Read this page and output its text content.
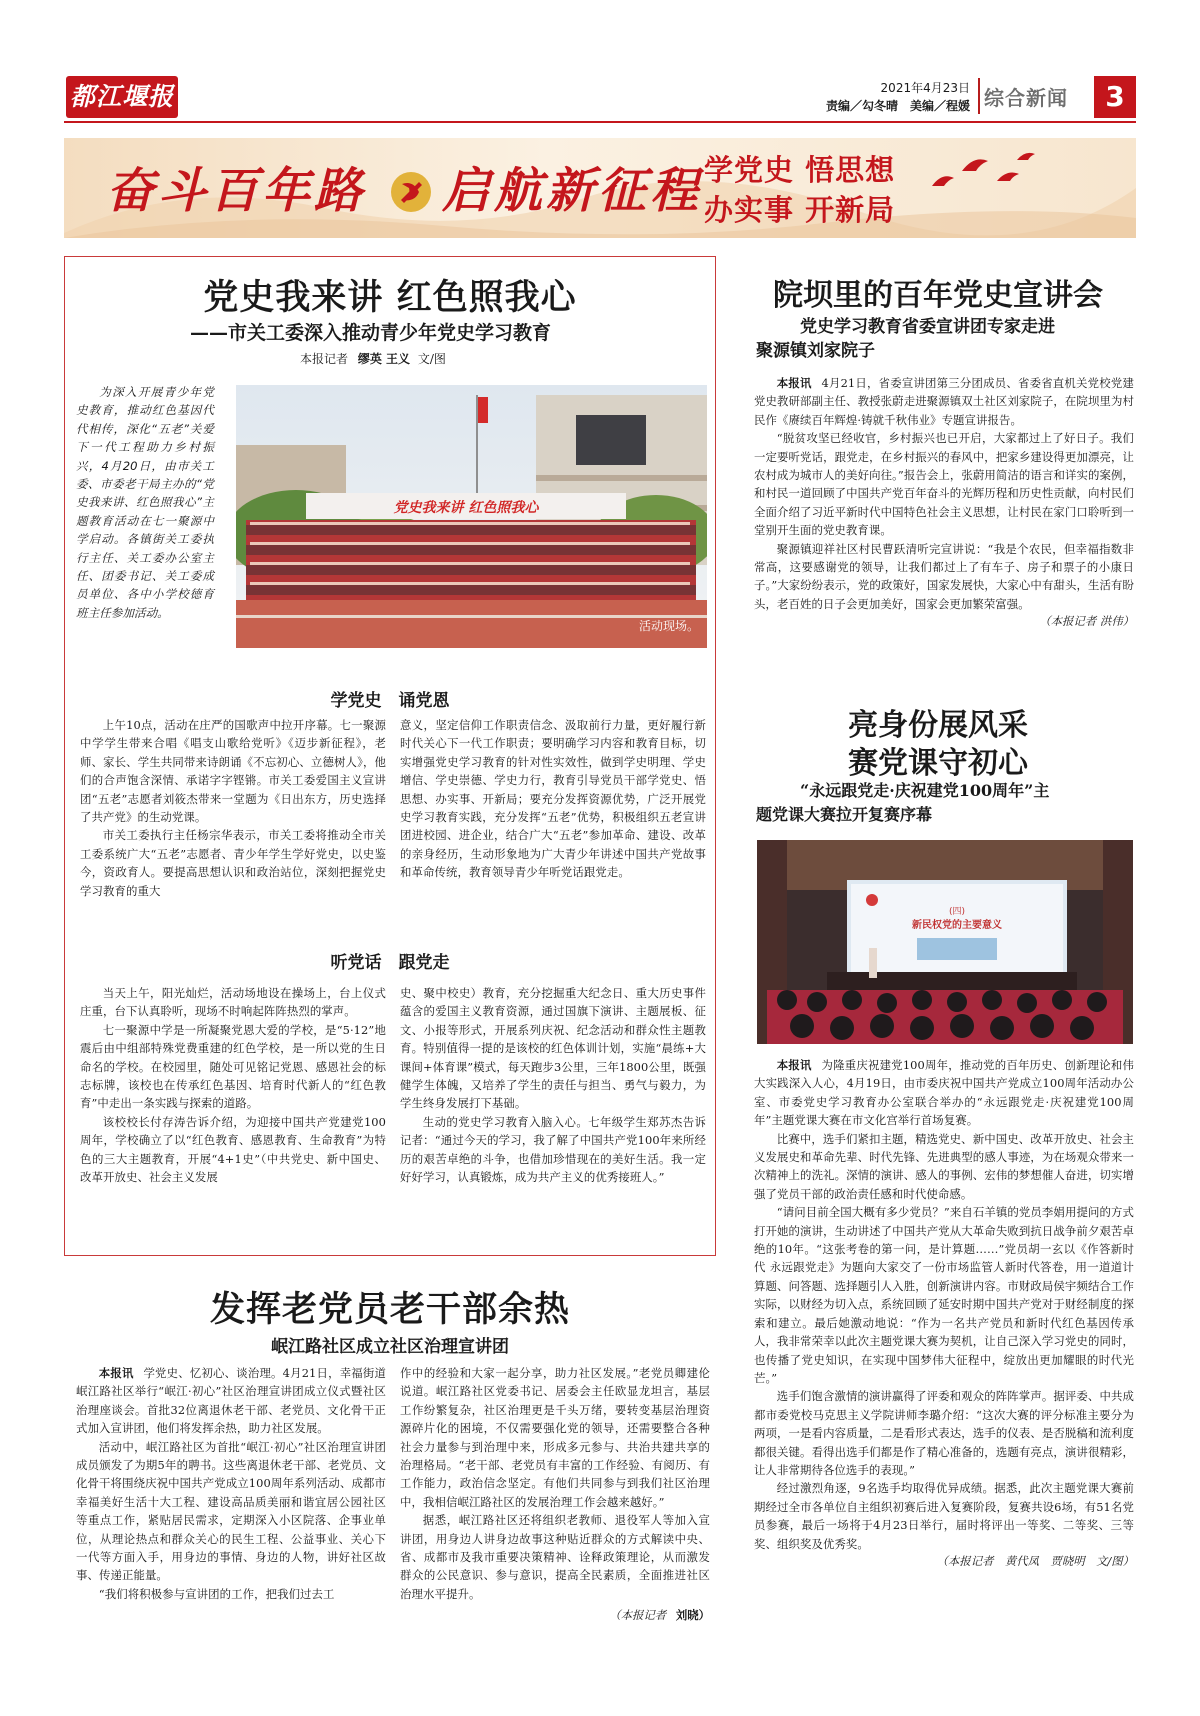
都江堰报	2021年4月23日
责编／勾冬晴　美编／程媛 综合新闻	3
奋斗百年路 启航新征程 学党史 悟思想
办实事 开新局
党史我来讲 红色照我心
——市关工委深入推动青少年党史学习教育
本报记者 缪英 王义 文/图
为深入开展青少年党史教育，推动红色基因代代相传，深化“五老”关爱下一代工程助力乡村振兴，4月20日，由市关工委、市委老干局主办的“党史我来讲、红色照我心”主题教育活动在七一聚源中学启动。各镇街关工委执行主任、关工委办公室主任、团委书记、关工委成员单位、各中小学校德育班主任参加活动。
党史我来讲 红色照我心
活动现场。
学党史　诵党恩

上午10点，活动在庄严的国歌声中拉开序幕。七一聚源中学学生带来合唱《唱支山歌给党听》《迈步新征程》，老师、家长、学生共同带来诗朗诵《不忘初心、立德树人》，他们的合声饱含深情、承诺字字铿锵。市关工委爱国主义宣讲团“五老”志愿者刘筱杰带来一堂题为《日出东方，历史选择了共产党》的生动党课。

市关工委执行主任杨宗华表示，市关工委将推动全市关工委系统广大“五老”志愿者、青少年学生学好党史，以史鉴今，资政育人。要提高思想认识和政治站位，深刻把握党史学习教育的重大

意义，坚定信仰工作职责信念、汲取前行力量，更好履行新时代关心下一代工作职责；要明确学习内容和教育目标，切实增强党史学习教育的针对性实效性，做到学史明理、学史增信、学史崇德、学史力行，教育引导党员干部学党史、悟思想、办实事、开新局；要充分发挥资源优势，广泛开展党史学习教育实践，充分发挥“五老”优势，积极组织五老宣讲团进校园、进企业，结合广大“五老”参加革命、建设、改革的亲身经历，生动形象地为广大青少年讲述中国共产党故事和革命传统，教育领导青少年听党话跟党走。

听党话　跟党走

当天上午，阳光灿烂，活动场地设在操场上，台上仪式庄重，台下认真聆听，现场不时响起阵阵热烈的掌声。

七一聚源中学是一所凝聚党恩大爱的学校，是“5·12”地震后由中组部特殊党费重建的红色学校，是一所以党的生日命名的学校。在校园里，随处可见铭记党恩、感恩社会的标志标牌，该校也在传承红色基因、培育时代新人的“红色教育”中走出一条实践与探索的道路。

该校校长付存涛告诉介绍，为迎接中国共产党建党100周年，学校确立了以“红色教育、感恩教育、生命教育”为特色的三大主题教育，开展“4+1史”（中共党史、新中国史、改革开放史、社会主义发展

史、聚中校史）教育，充分挖掘重大纪念日、重大历史事件蕴含的爱国主义教育资源，通过国旗下演讲、主题展板、征文、小报等形式，开展系列庆祝、纪念活动和群众性主题教育。特别值得一提的是该校的红色体训计划，实施“晨练+大课间+体育课”模式，每天跑步3公里，三年1800公里，既强健学生体魄，又培养了学生的责任与担当、勇气与毅力，为学生终身发展打下基础。

生动的党史学习教育入脑入心。七年级学生郑苏杰告诉记者：“通过今天的学习，我了解了中国共产党100年来所经历的艰苦卓绝的斗争，也借加珍惜现在的美好生活。我一定好好学习，认真锻炼，成为共产主义的优秀接班人。”

发挥老党员老干部余热
岷江路社区成立社区治理宣讲团

本报讯 学党史、忆初心、谈治理。4月21日，幸福街道岷江路社区举行“岷江·初心”社区治理宣讲团成立仪式暨社区治理座谈会。首批32位离退休老干部、老党员、文化骨干正式加入宣讲团，他们将发挥余热，助力社区发展。

活动中，岷江路社区为首批“岷江·初心”社区治理宣讲团成员颁发了为期5年的聘书。这些离退休老干部、老党员、文化骨干将围绕庆祝中国共产党成立100周年系列活动、成都市幸福美好生活十大工程、建设高品质美丽和谐宜居公园社区等重点工作，紧贴居民需求，定期深入小区院落、企事业单位，从理论热点和群众关心的民生工程、公益事业、关心下一代等方面入手，用身边的事情、身边的人物，讲好社区故事、传递正能量。

“我们将积极参与宣讲团的工作，把我们过去工

作中的经验和大家一起分享，助力社区发展。”老党员卿建伦说道。岷江路社区党委书记、居委会主任欧显龙坦言，基层工作纷繁复杂，社区治理更是千头万绪，要转变基层治理资源碎片化的困境，不仅需要强化党的领导，还需要整合各种社会力量参与到治理中来，形成多元参与、共治共建共享的治理格局。“老干部、老党员有丰富的工作经验、有阅历、有工作能力，政治信念坚定。有他们共同参与到我们社区治理中，我相信岷江路社区的发展治理工作会越来越好。”

据悉，岷江路社区还将组织老教师、退役军人等加入宣讲团，用身边人讲身边故事这种贴近群众的方式解读中央、省、成都市及我市重要决策精神、诠释政策理论，从而激发群众的公民意识、参与意识，提高全民素质，全面推进社区治理水平提升。

（本报记者 刘晓）
院坝里的百年党史宣讲会
党史学习教育省委宣讲团专家走进
聚源镇刘家院子

本报讯 4月21日，省委宣讲团第三分团成员、省委省直机关党校党建党史教研部副主任、教授张蔚走进聚源镇双土社区刘家院子，在院坝里为村民作《赓续百年辉煌·铸就千秋伟业》专题宣讲报告。

“脱贫攻坚已经收官，乡村振兴也已开启，大家都过上了好日子。我们一定要听党话，跟党走，在乡村振兴的春风中，把家乡建设得更加漂亮，让农村成为城市人的美好向往。”报告会上，张蔚用简洁的语言和详实的案例，和村民一道回顾了中国共产党百年奋斗的光辉历程和历史性贡献，向村民们全面介绍了习近平新时代中国特色社会主义思想，让村民在家门口聆听到一堂别开生面的党史教育课。

聚源镇迎祥社区村民曹跃清听完宣讲说：“我是个农民，但幸福指数非常高，这要感谢党的领导，让我们都过上了有车子、房子和票子的小康日子。”大家纷纷表示，党的政策好，国家发展快，大家心中有甜头，生活有盼头，老百姓的日子会更加美好，国家会更加繁荣富强。

（本报记者 洪伟）
亮身份展风采
赛党课守初心
“永远跟党走·庆祝建党100周年”主
题党课大赛拉开复赛序幕
(四)
新民权党的主要意义

本报讯 为隆重庆祝建党100周年，推动党的百年历史、创新理论和伟大实践深入人心，4月19日，由市委庆祝中国共产党成立100周年活动办公室、市委党史学习教育办公室联合举办的“永远跟党走·庆祝建党100周年”主题党课大赛在市文化宫举行首场复赛。

比赛中，选手们紧扣主题，精选党史、新中国史、改革开放史、社会主义发展史和革命先辈、时代先锋、先进典型的感人事迹，为在场观众带来一次精神上的洗礼。深情的演讲、感人的事例、宏伟的梦想催人奋进，切实增强了党员干部的政治责任感和时代使命感。

“请问目前全国大概有多少党员？”来自石羊镇的党员李娟用提问的方式打开她的演讲，生动讲述了中国共产党从大革命失败到抗日战争前夕艰苦卓绝的10年。“这张考卷的第一问，是计算题……”党员胡一玄以《作答新时代 永远跟党走》为题向大家交了一份市场监管人新时代答卷，用一道道计算题、问答题、选择题引人入胜，创新演讲内容。市财政局侯宇频结合工作实际，以财经为切入点，系统回顾了延安时期中国共产党对于财经制度的探索和建立。最后她激动地说：“作为一名共产党员和新时代红色基因传承人，我非常荣幸以此次主题党课大赛为契机，让自己深入学习党史的同时，也传播了党史知识，在实现中国梦伟大征程中，绽放出更加耀眼的时代光芒。”

选手们饱含激情的演讲赢得了评委和观众的阵阵掌声。据评委、中共成都市委党校马克思主义学院讲师李璐介绍：“这次大赛的评分标准主要分为两项，一是看内容质量，二是看形式表达，选手的仪表、是否脱稿和流利度都很关键。看得出选手们都是作了精心准备的，选题有亮点，演讲很精彩，让人非常期待各位选手的表现。”

经过激烈角逐，9名选手均取得优异成绩。据悉，此次主题党课大赛前期经过全市各单位自主组织初赛后进入复赛阶段，复赛共设6场，有51名党员参赛，最后一场将于4月23日举行，届时将评出一等奖、二等奖、三等奖、组织奖及优秀奖。

（本报记者　黄代凤　贾晓明　文/图）
